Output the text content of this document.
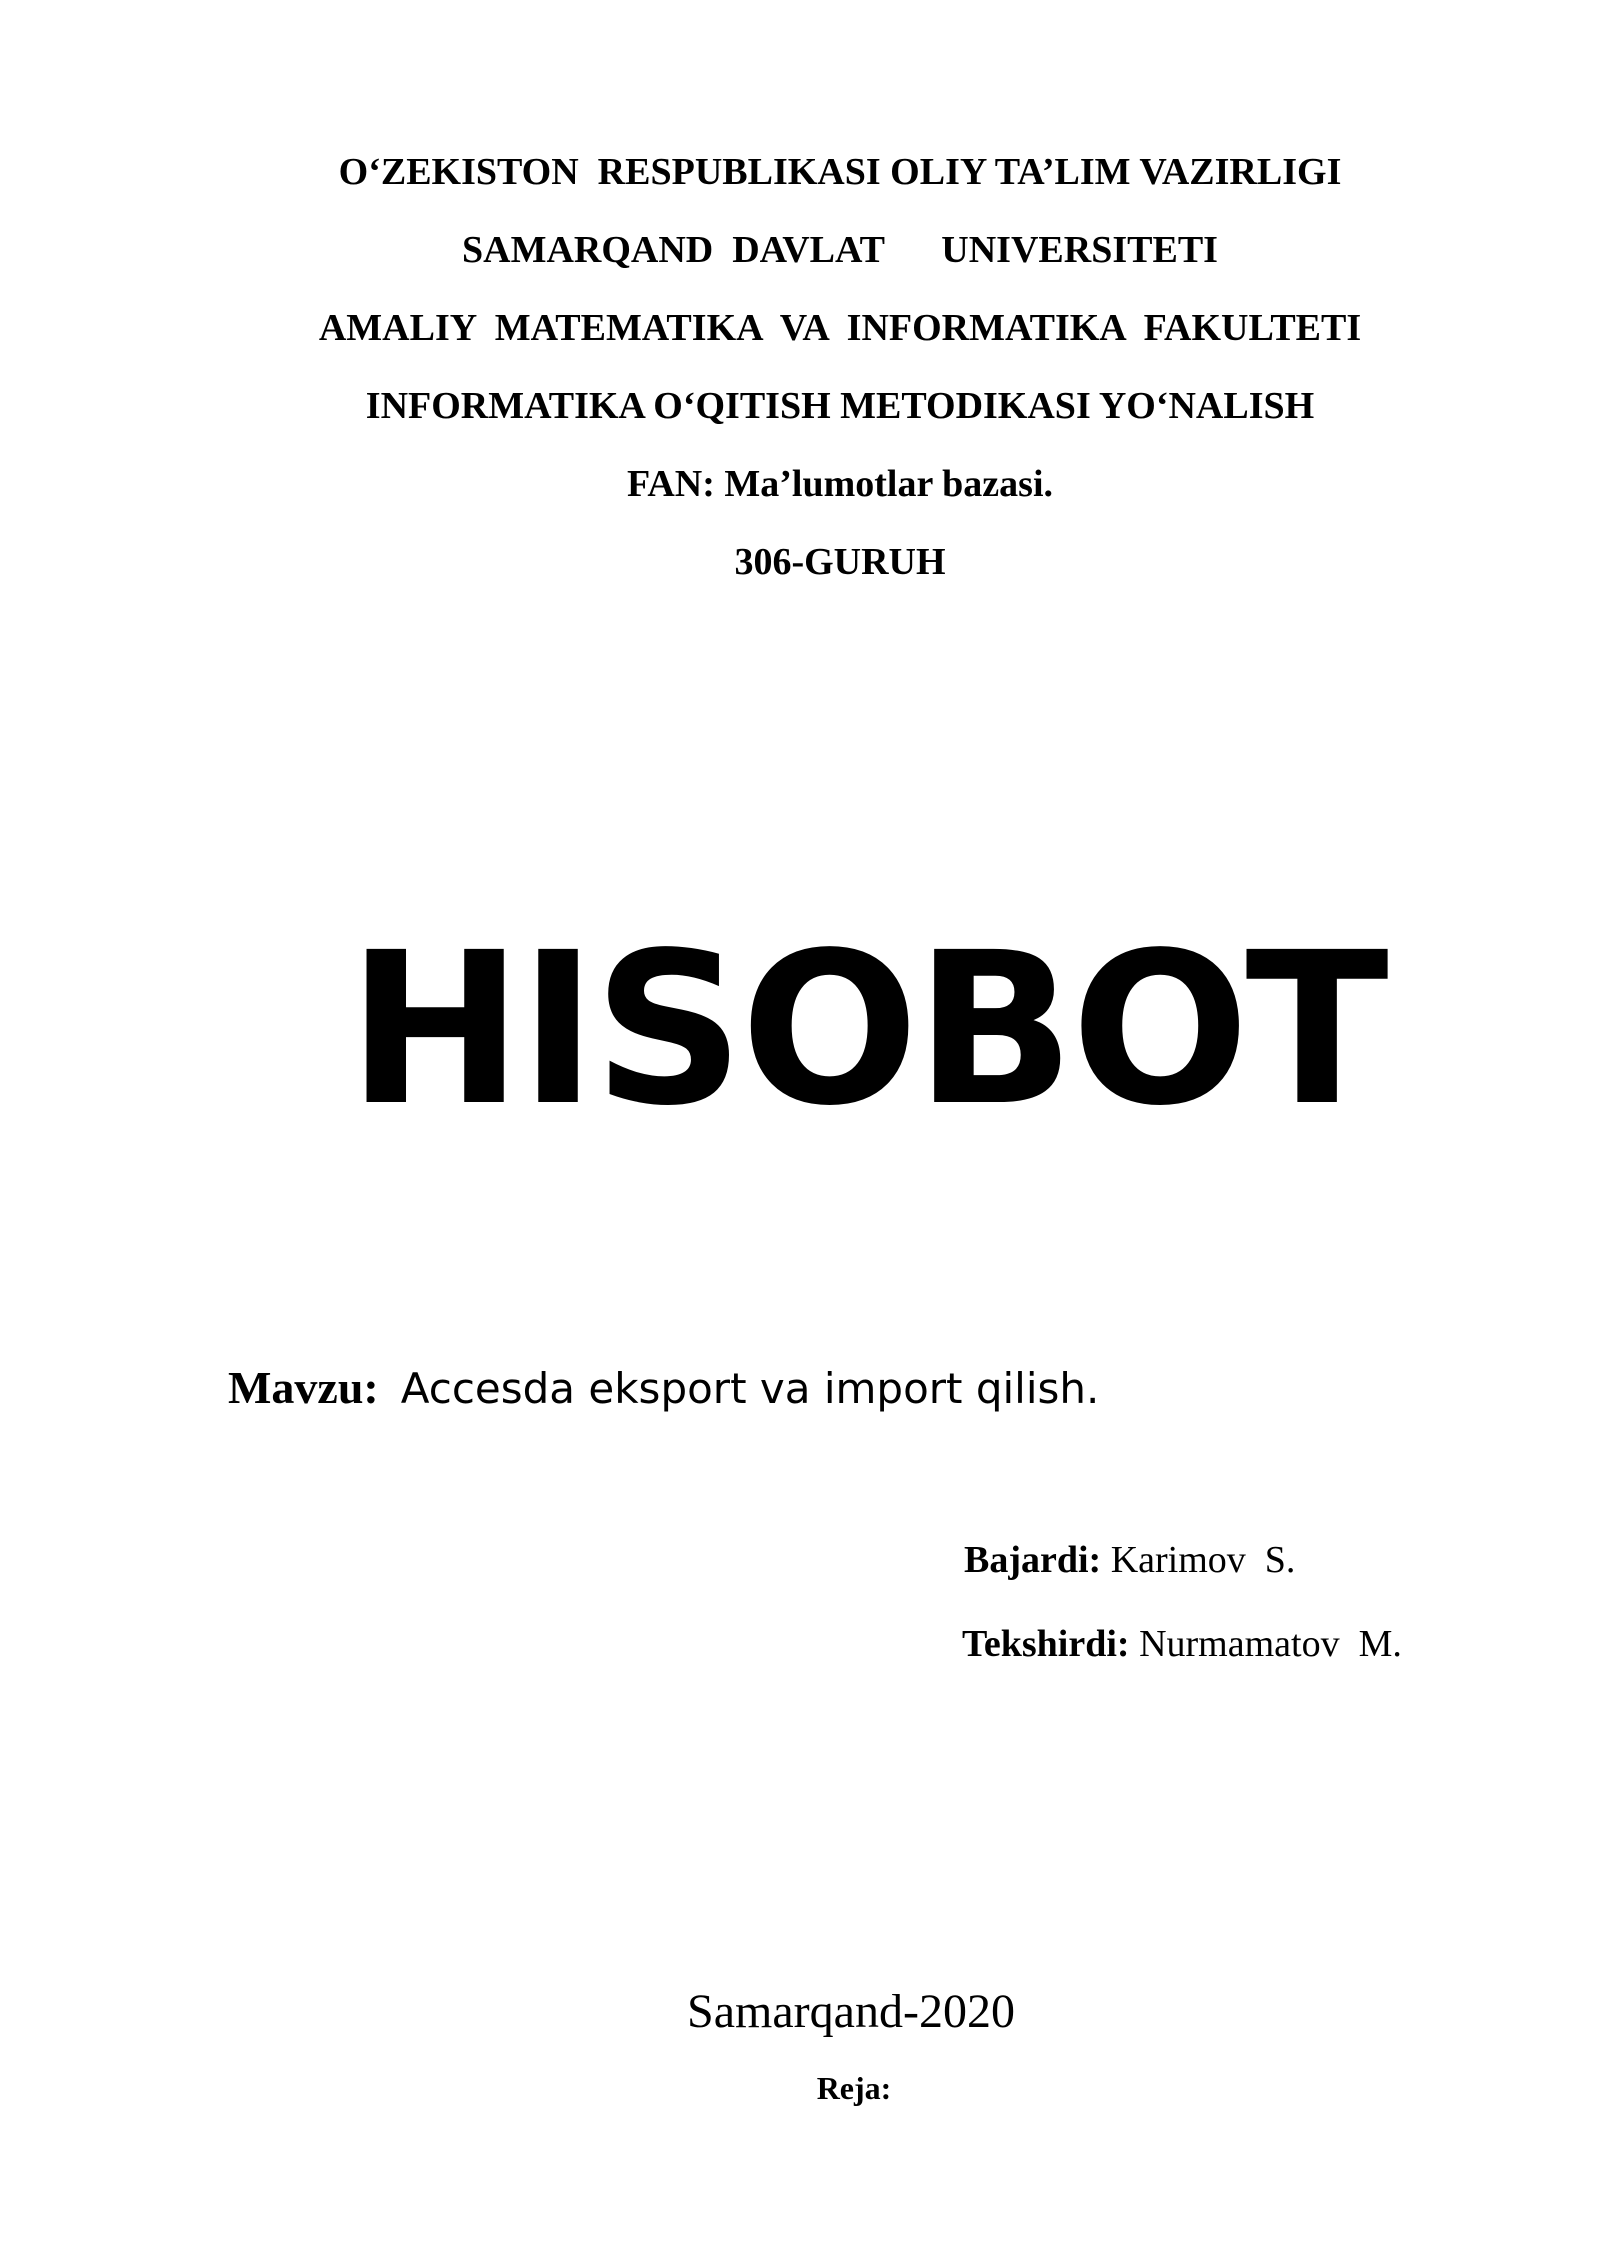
O‘ZEKISTON  RESPUBLIKASI OLIY TA’LIM VAZIRLIGI
SAMARQAND  DAVLAT      UNIVERSITETI
AMALIY  MATEMATIKA  VA  INFORMATIKA  FAKULTETI
INFORMATIKA O‘QITISH METODIKASI YO‘NALISH
FAN: Ma’lumotlar bazasi.
306-GURUH
HISOBOT
Mavzu: Accesda eksport va import qilish.
Bajardi: Karimov  S.
Tekshirdi: Nurmamatov  M.
Samarqand-2020
Reja:
